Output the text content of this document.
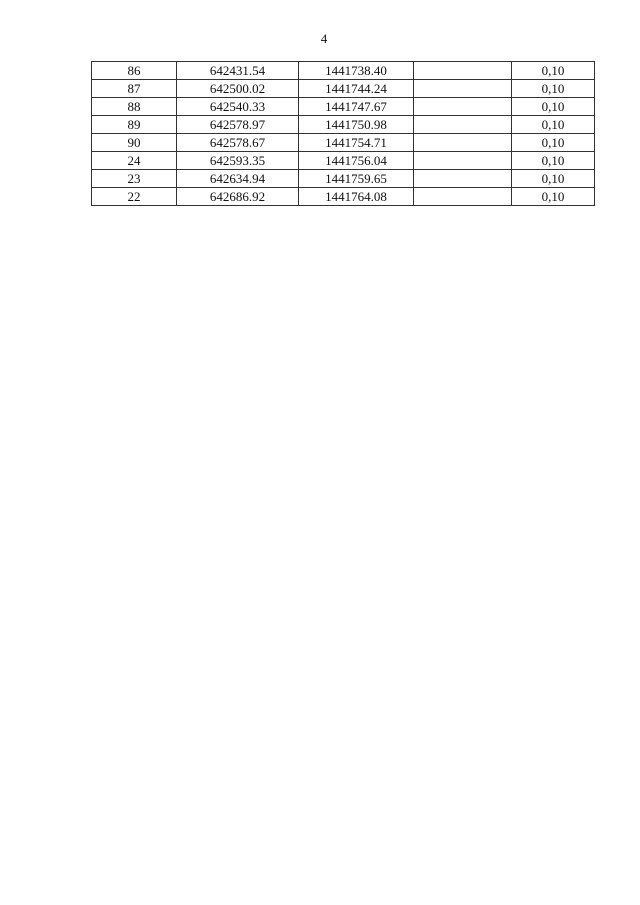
4
86	642431.54	1441738.40		0,10
87	642500.02	1441744.24		0,10
88	642540.33	1441747.67		0,10
89	642578.97	1441750.98		0,10
90	642578.67	1441754.71		0,10
24	642593.35	1441756.04		0,10
23	642634.94	1441759.65		0,10
22	642686.92	1441764.08		0,10
